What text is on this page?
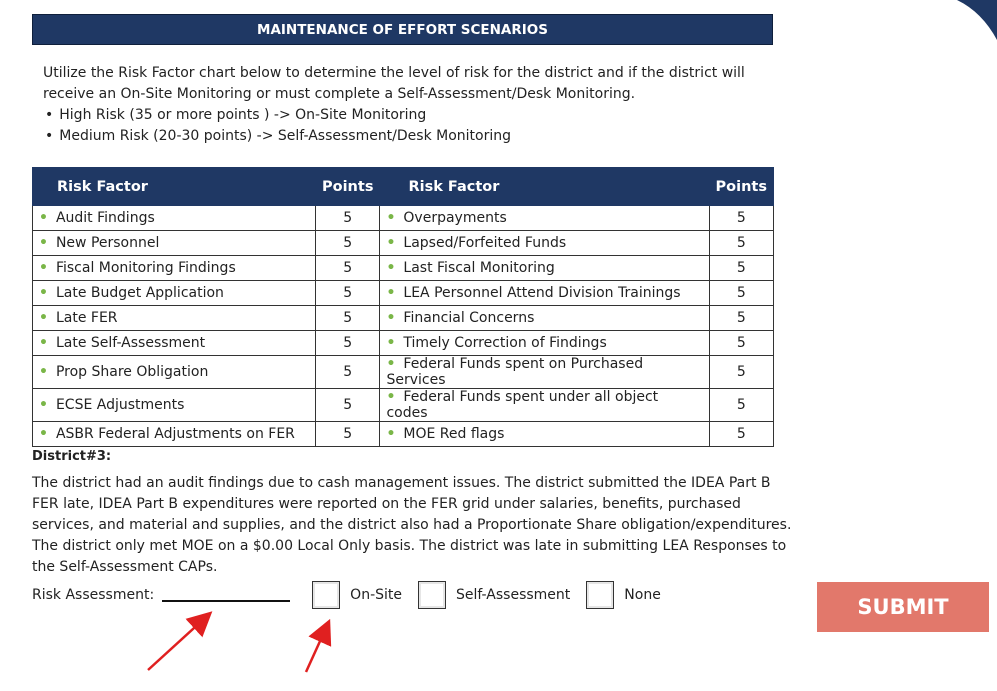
MAINTENANCE OF EFFORT SCENARIOS
Utilize the Risk Factor chart below to determine the level of risk for the district and if the district will receive an On-Site Monitoring or must complete a Self-Assessment/Desk Monitoring.
• High Risk (35 or more points ) -> On-Site Monitoring
• Medium Risk (20-30 points) -> Self-Assessment/Desk Monitoring
Risk Factor	Points	Risk Factor	Points
• Audit Findings	5	• Overpayments	5
• New Personnel	5	• Lapsed/Forfeited Funds	5
• Fiscal Monitoring Findings	5	• Last Fiscal Monitoring	5
• Late Budget Application	5	• LEA Personnel Attend Division Trainings	5
• Late FER	5	• Financial Concerns	5
• Late Self-Assessment	5	• Timely Correction of Findings	5
• Prop Share Obligation	5	• Federal Funds spent on Purchased Services	5
• ECSE Adjustments	5	• Federal Funds spent under all object codes	5
• ASBR Federal Adjustments on FER	5	• MOE Red flags	5
District#3:
The district had an audit findings due to cash management issues. The district submitted the IDEA Part B FER late, IDEA Part B expenditures were reported on the FER grid under salaries, benefits, purchased services, and material and supplies, and the district also had a Proportionate Share obligation/expenditures. The district only met MOE on a $0.00 Local Only basis. The district was late in submitting LEA Responses to the Self-Assessment CAPs.
Risk Assessment:	On-Site	Self-Assessment	None	SUBMIT
